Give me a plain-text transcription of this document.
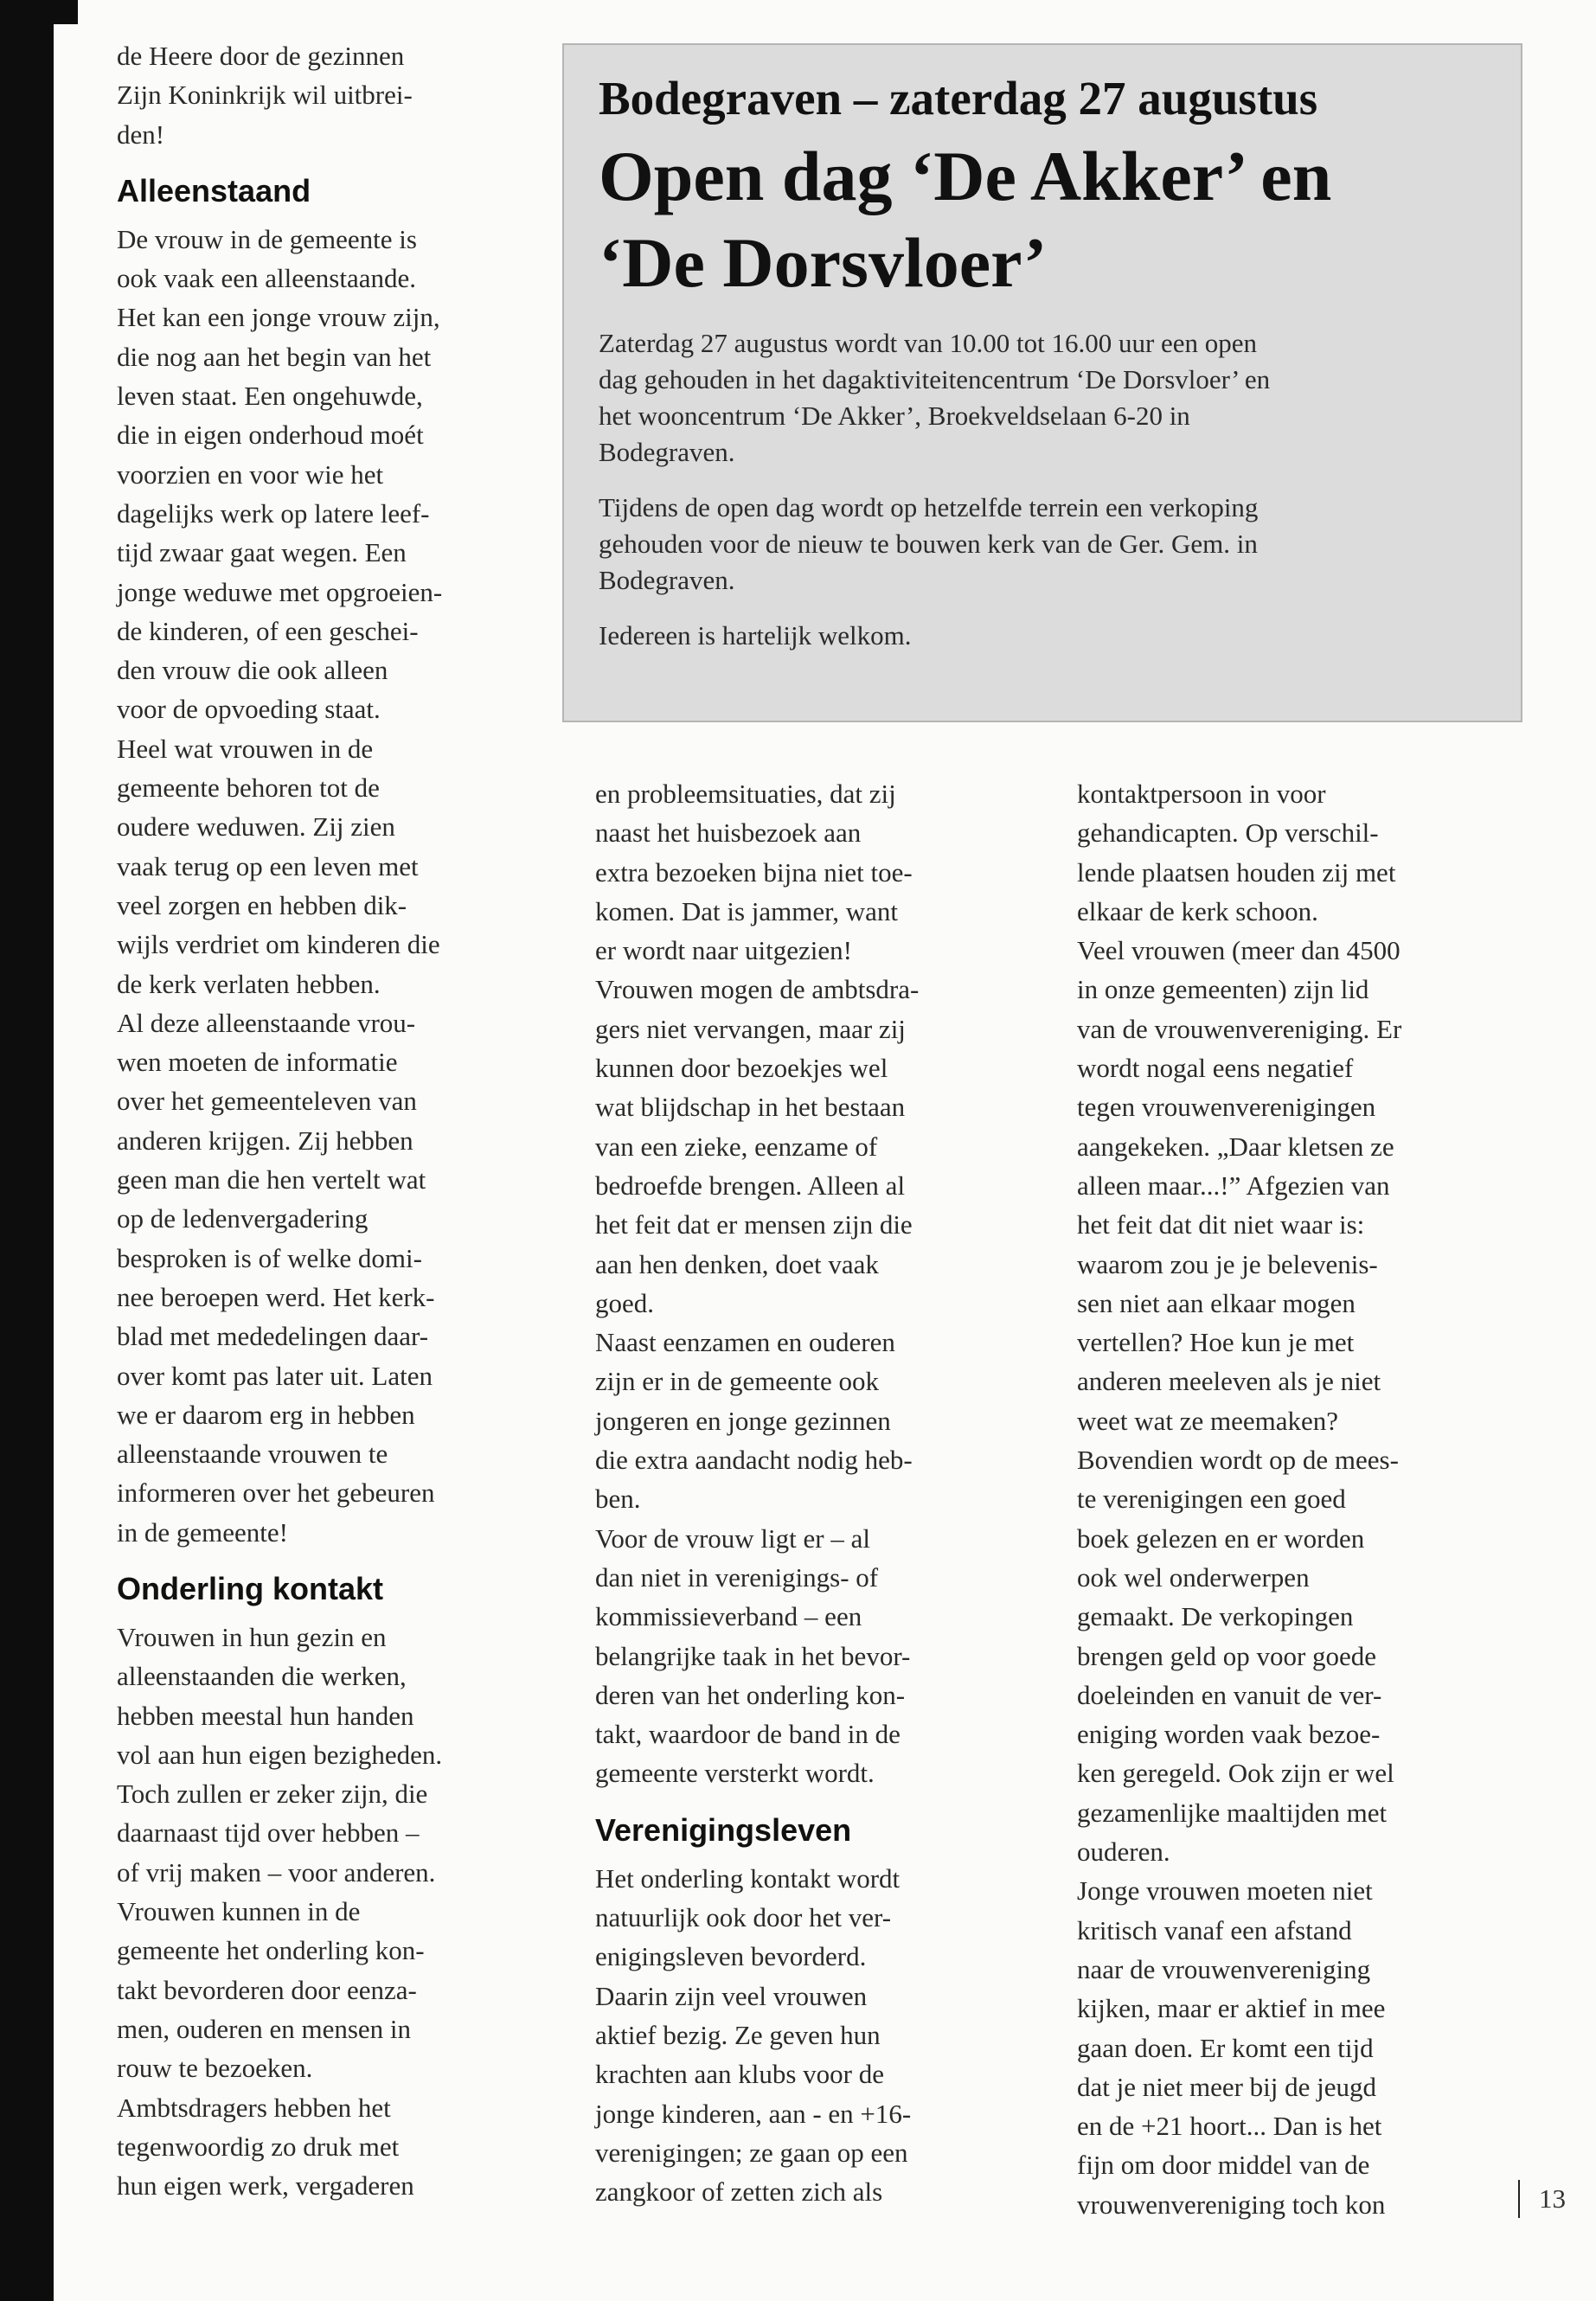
de Heere door de gezinnen
Zijn Koninkrijk wil uitbrei-
den!
Alleenstaand
De vrouw in de gemeente is
ook vaak een alleenstaande.
Het kan een jonge vrouw zijn,
die nog aan het begin van het
leven staat. Een ongehuwde,
die in eigen onderhoud moét
voorzien en voor wie het
dagelijks werk op latere leef-
tijd zwaar gaat wegen. Een
jonge weduwe met opgroeien-
de kinderen, of een geschei-
den vrouw die ook alleen
voor de opvoeding staat.
Heel wat vrouwen in de
gemeente behoren tot de
oudere weduwen. Zij zien
vaak terug op een leven met
veel zorgen en hebben dik-
wijls verdriet om kinderen die
de kerk verlaten hebben.
Al deze alleenstaande vrou-
wen moeten de informatie
over het gemeenteleven van
anderen krijgen. Zij hebben
geen man die hen vertelt wat
op de ledenvergadering
besproken is of welke domi-
nee beroepen werd. Het kerk-
blad met mededelingen daar-
over komt pas later uit. Laten
we er daarom erg in hebben
alleenstaande vrouwen te
informeren over het gebeuren
in de gemeente!
Onderling kontakt
Vrouwen in hun gezin en
alleenstaanden die werken,
hebben meestal hun handen
vol aan hun eigen bezigheden.
Toch zullen er zeker zijn, die
daarnaast tijd over hebben –
of vrij maken – voor anderen.
Vrouwen kunnen in de
gemeente het onderling kon-
takt bevorderen door eenza-
men, ouderen en mensen in
rouw te bezoeken.
Ambtsdragers hebben het
tegenwoordig zo druk met
hun eigen werk, vergaderen
Bodegraven – zaterdag 27 augustus
Open dag ‘De Akker’ en
‘De Dorsvloer’
Zaterdag 27 augustus wordt van 10.00 tot 16.00 uur een open
dag gehouden in het dagaktiviteitencentrum ‘De Dorsvloer’ en
het wooncentrum ‘De Akker’, Broekveldselaan 6-20 in
Bodegraven.
Tijdens de open dag wordt op hetzelfde terrein een verkoping
gehouden voor de nieuw te bouwen kerk van de Ger. Gem. in
Bodegraven.
Iedereen is hartelijk welkom.
en probleemsituaties, dat zij
naast het huisbezoek aan
extra bezoeken bijna niet toe-
komen. Dat is jammer, want
er wordt naar uitgezien!
Vrouwen mogen de ambtsdra-
gers niet vervangen, maar zij
kunnen door bezoekjes wel
wat blijdschap in het bestaan
van een zieke, eenzame of
bedroefde brengen. Alleen al
het feit dat er mensen zijn die
aan hen denken, doet vaak
goed.
Naast eenzamen en ouderen
zijn er in de gemeente ook
jongeren en jonge gezinnen
die extra aandacht nodig heb-
ben.
Voor de vrouw ligt er – al
dan niet in verenigings- of
kommissieverband – een
belangrijke taak in het bevor-
deren van het onderling kon-
takt, waardoor de band in de
gemeente versterkt wordt.
Verenigingsleven
Het onderling kontakt wordt
natuurlijk ook door het ver-
enigingsleven bevorderd.
Daarin zijn veel vrouwen
aktief bezig. Ze geven hun
krachten aan klubs voor de
jonge kinderen, aan - en +16-
verenigingen; ze gaan op een
zangkoor of zetten zich als
kontaktpersoon in voor
gehandicapten. Op verschil-
lende plaatsen houden zij met
elkaar de kerk schoon.
Veel vrouwen (meer dan 4500
in onze gemeenten) zijn lid
van de vrouwenvereniging. Er
wordt nogal eens negatief
tegen vrouwenverenigingen
aangekeken. „Daar kletsen ze
alleen maar...!” Afgezien van
het feit dat dit niet waar is:
waarom zou je je belevenis-
sen niet aan elkaar mogen
vertellen? Hoe kun je met
anderen meeleven als je niet
weet wat ze meemaken?
Bovendien wordt op de mees-
te verenigingen een goed
boek gelezen en er worden
ook wel onderwerpen
gemaakt. De verkopingen
brengen geld op voor goede
doeleinden en vanuit de ver-
eniging worden vaak bezoe-
ken geregeld. Ook zijn er wel
gezamenlijke maaltijden met
ouderen.
Jonge vrouwen moeten niet
kritisch vanaf een afstand
naar de vrouwenvereniging
kijken, maar er aktief in mee
gaan doen. Er komt een tijd
dat je niet meer bij de jeugd
en de +21 hoort... Dan is het
fijn om door middel van de
vrouwenvereniging toch kon	13
